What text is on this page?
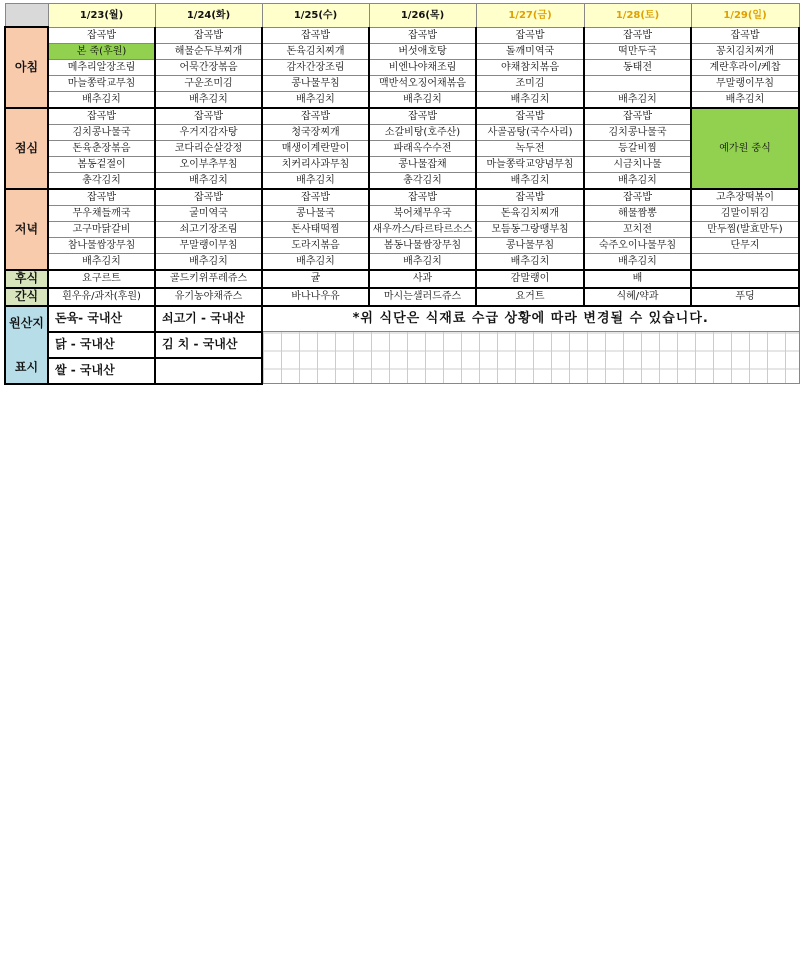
	1/23(월)	1/24(화)	1/25(수)	1/26(목)	1/27(금)	1/28(토)	1/29(일)
아침	잡곡밥	잡곡밥	잡곡밥	잡곡밥	잡곡밥	잡곡밥	잡곡밥
	본 죽(후원)	해물순두부찌개	돈육김치찌개	버섯애호탕	돌깨미역국	떡만두국	꽁치김치찌개
	메추리알장조림	어묵간장볶음	감자간장조림	비엔나야채조림	야채참치볶음	동태전	계란후라이/케찹
	마늘쫑락교무침	구운조미김	콩나물무침	맥반석오징어채볶음	조미김		무말랭이무침
	배추김치	배추김치	배추김치	배추김치	배추김치	배추김치	배추김치
점심	잡곡밥	잡곡밥	잡곡밥	잡곡밥	잡곡밥	잡곡밥	예가원 중식
	김치콩나물국	우거지감자탕	청국장찌개	소갈비탕(호주산)	사골곰탕(국수사리)	김치콩나물국	
	돈육춘장볶음	코다리순살강정	매생이계란말이	파래옥수수전	녹두전	등갈비찜	
	봄동겉절이	오이부추무침	치커리사과무침	콩나물잡채	마늘쫑락교양념무침	시금치나물	
	총각김치	배추김치	배추김치	총각김치	배추김치	배추김치	
저녁	잡곡밥	잡곡밥	잡곡밥	잡곡밥	잡곡밥	잡곡밥	고추장떡볶이
	무우채들깨국	굴미역국	콩나물국	북어채무우국	돈육김치찌개	해물짬뽕	김말이튀김
	고구마닭갈비	쇠고기장조림	돈사태떡찜	새우까스/타르타르소스	모듬동그랑땡부침	꼬치전	만두찜(발효만두)
	참나물쌈장무침	무말랭이무침	도라지볶음	봄동나물쌈장무침	콩나물무침	숙주오이나물무침	단무지
	배추김치	배추김치	배추김치	배추김치	배추김치	배추김치	
후식	요구르트	골드키위푸레쥬스	귤	사과	감말랭이	배	
간식	흰우유/과자(후원)	유기농야채쥬스	바나나우유	마시는샐러드쥬스	요거트	식혜/약과	푸딩

원산지
표시	돈육- 국내산	쇠고기 - 국내산	*위 식단은 식재료 수급 상황에 따라 변경될 수 있습니다.				
	닭 - 국내산	김 치 - 국내산					
	쌀 - 국내산						
